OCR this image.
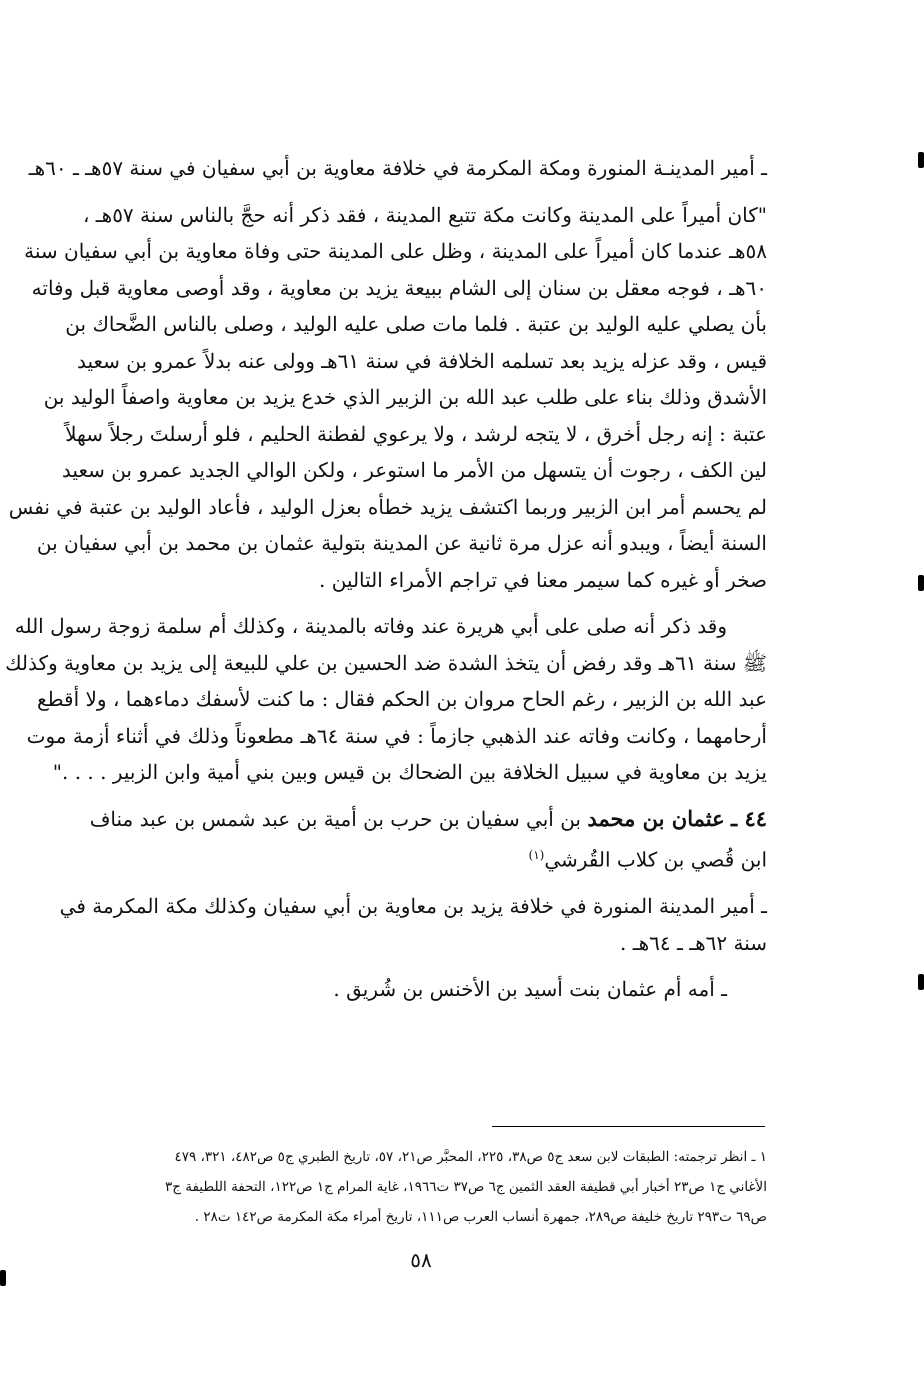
ـ أمير المدينـة المنورة ومكة المكرمة في خلافة معاوية بن أبي سفيان في سنة ٥٧هـ ـ ٦٠هـ
"كان أميراً على المدينة وكانت مكة تتبع المدينة ، فقد ذكر أنه حجَّ بالناس سنة ٥٧هـ ،
٥٨هـ عندما كان أميراً على المدينة ، وظل على المدينة حتى وفاة معاوية بن أبي سفيان سنة
٦٠هـ ، فوجه معقل بن سنان إلى الشام ببيعة يزيد بن معاوية ، وقد أوصى معاوية قبل وفاته
بأن يصلي عليه الوليد بن عتبة . فلما مات صلى عليه الوليد ، وصلى بالناس الضَّحاك بن
قيس ، وقد عزله يزيد بعد تسلمه الخلافة في سنة ٦١هـ وولى عنه بدلاً عمرو بن سعيد
الأشدق وذلك بناء على طلب عبد الله بن الزبير الذي خدع يزيد بن معاوية واصفاً الوليد بن
عتبة : إنه رجل أخرق ، لا يتجه لرشد ، ولا يرعوي لفطنة الحليم ، فلو أرسلتَ رجلاً سهلاً
لين الكف ، رجوت أن يتسهل من الأمر ما استوعر ، ولكن الوالي الجديد عمرو بن سعيد
لم يحسم أمر ابن الزبير وربما اكتشف يزيد خطأه بعزل الوليد ، فأعاد الوليد بن عتبة في نفس
السنة أيضاً ، ويبدو أنه عزل مرة ثانية عن المدينة بتولية عثمان بن محمد بن أبي سفيان بن
صخر أو غيره كما سيمر معنا في تراجم الأمراء التالين .
وقد ذكر أنه صلى على أبي هريرة عند وفاته بالمدينة ، وكذلك أم سلمة زوجة رسول الله
ﷺ سنة ٦١هـ وقد رفض أن يتخذ الشدة ضد الحسين بن علي للبيعة إلى يزيد بن معاوية وكذلك
عبد الله بن الزبير ، رغم الحاح مروان بن الحكم فقال : ما كنت لأسفك دماءهما ، ولا أقطع
أرحامهما ، وكانت وفاته عند الذهبي جازماً : في سنة ٦٤هـ مطعوناً وذلك في أثناء أزمة موت
يزيد بن معاوية في سبيل الخلافة بين الضحاك بن قيس وبين بني أمية وابن الزبير . . . ."
٤٤ ـ عثمان بن محمد بن أبي سفيان بن حرب بن أمية بن عبد شمس بن عبد مناف
ابن قُصي بن كلاب القُرشي$^{(١)}$
ـ أمير المدينة المنورة في خلافة يزيد بن معاوية بن أبي سفيان وكذلك مكة المكرمة في
سنة ٦٢هـ ـ ٦٤هـ .
ـ أمه أم عثمان بنت أسيد بن الأخنس بن شُريق .
١ ـ انظر ترجمته: الطبقات لابن سعد ج٥ ص٣٨، ٢٢٥، المحبَّر ص٢١، ٥٧، تاريخ الطبري ج٥ ص٤٨٢، ٣٢١، ٤٧٩
الأغاني ج١ ص٢٣ أخبار أبي قطيفة العقد الثمين ج٦ ص٣٧ ت١٩٦٦، غاية المرام ج١ ص١٢٢، التحفة اللطيفة ج٣
ص٦٩ ت٢٩٣ تاريخ خليفة ص٢٨٩، جمهرة أنساب العرب ص١١١، تاريخ أمراء مكة المكرمة ص١٤٢ ت٢٨ .
٥٨
